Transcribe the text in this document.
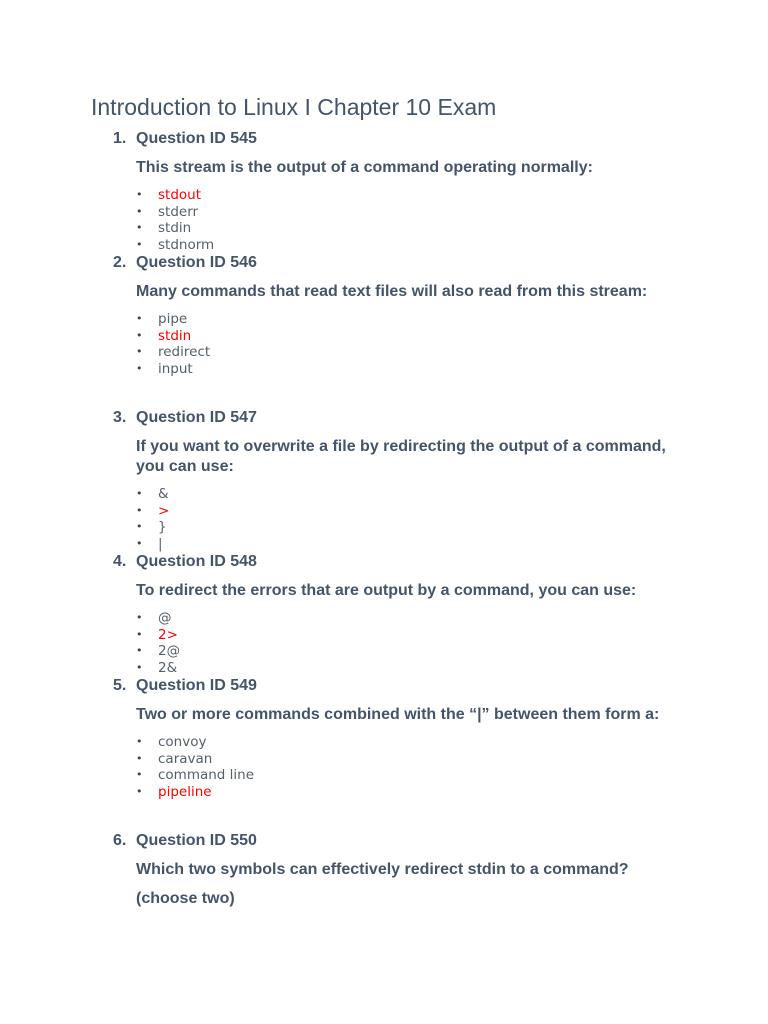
Introduction to Linux I Chapter 10 Exam
1. Question ID 545
This stream is the output of a command operating normally:
• stdout
• stderr
• stdin
• stdnorm
2. Question ID 546
Many commands that read text files will also read from this stream:
• pipe
• stdin
• redirect
• input
3. Question ID 547
If you want to overwrite a file by redirecting the output of a command, you can use:
• &
• >
• }
• |
4. Question ID 548
To redirect the errors that are output by a command, you can use:
• @
• 2>
• 2@
• 2&
5. Question ID 549
Two or more commands combined with the “|” between them form a:
• convoy
• caravan
• command line
• pipeline
6. Question ID 550
Which two symbols can effectively redirect stdin to a command?
(choose two)
